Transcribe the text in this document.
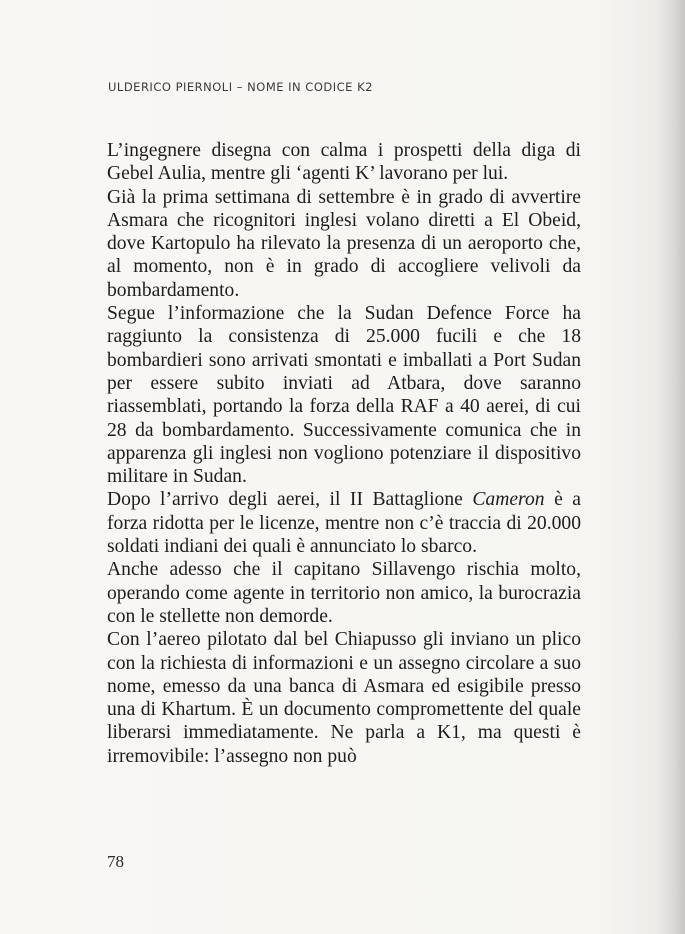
ULDERICO PIERNOLI – NOME IN CODICE K2

L’ingegnere disegna con calma i prospetti della diga di Gebel Aulia, mentre gli ‘agenti K’ lavorano per lui.

Già la prima settimana di settembre è in grado di avvertire Asmara che ricognitori inglesi volano diretti a El Obeid, dove Kartopulo ha rilevato la presenza di un aeroporto che, al momento, non è in grado di accogliere velivoli da bombardamento.

Segue l’informazione che la Sudan Defence Force ha raggiunto la consistenza di 25.000 fucili e che 18 bombardieri sono arrivati smontati e imballati a Port Sudan per essere subito inviati ad Atbara, dove saranno riassemblati, portando la forza della RAF a 40 aerei, di cui 28 da bombardamento. Successivamente comunica che in apparenza gli inglesi non vogliono potenziare il dispositivo militare in Sudan.

Dopo l’arrivo degli aerei, il II Battaglione Cameron è a forza ridotta per le licenze, mentre non c’è traccia di 20.000 soldati indiani dei quali è annunciato lo sbarco.

Anche adesso che il capitano Sillavengo rischia molto, operando come agente in territorio non amico, la burocrazia con le stellette non demorde.

Con l’aereo pilotato dal bel Chiapusso gli inviano un plico con la richiesta di informazioni e un assegno circolare a suo nome, emesso da una banca di Asmara ed esigibile presso una di Khartum. È un documento compromettente del quale liberarsi immediatamente. Ne parla a K1, ma questi è irremovibile: l’assegno non può

78
